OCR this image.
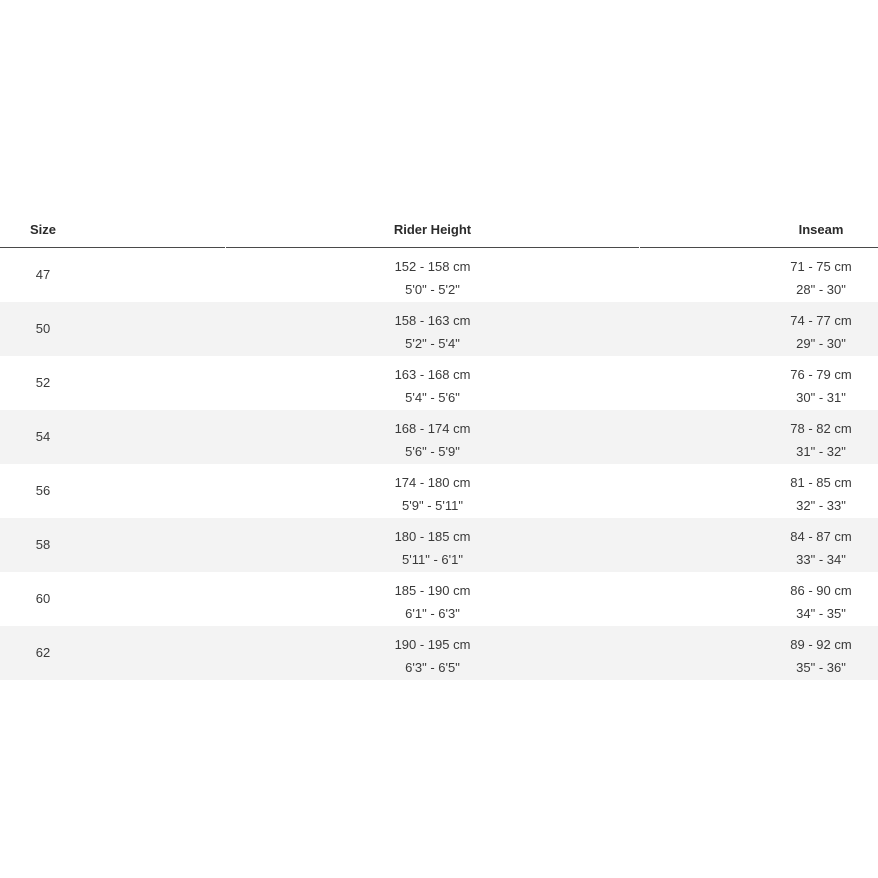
Size	Rider Height	Inseam
47
152 - 158 cm
5'0" - 5'2"
71 - 75 cm
28" - 30"
50
158 - 163 cm
5'2" - 5'4"
74 - 77 cm
29" - 30"
52
163 - 168 cm
5'4" - 5'6"
76 - 79 cm
30" - 31"
54
168 - 174 cm
5'6" - 5'9"
78 - 82 cm
31" - 32"
56
174 - 180 cm
5'9" - 5'11"
81 - 85 cm
32" - 33"
58
180 - 185 cm
5'11" - 6'1"
84 - 87 cm
33" - 34"
60
185 - 190 cm
6'1" - 6'3"
86 - 90 cm
34" - 35"
62
190 - 195 cm
6'3" - 6'5"
89 - 92 cm
35" - 36"
